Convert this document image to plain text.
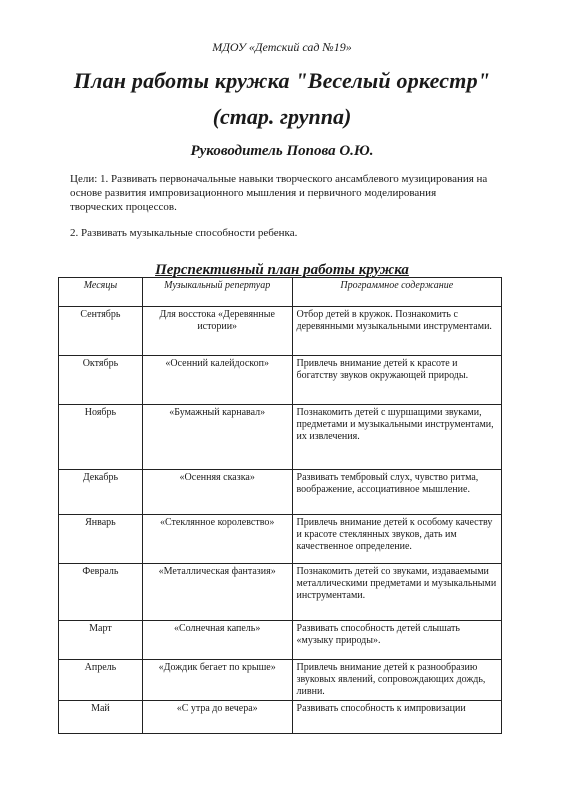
МДОУ «Детский сад №19»
План работы кружка "Веселый оркестр"
(стар. группа)
Руководитель Попова О.Ю.
Цели: 1. Развивать первоначальные навыки творческого ансамблевого музицирования на основе развития импровизационного мышления и первичного моделирования творческих процессов.
2. Развивать музыкальные способности ребенка.
Перспективный план работы кружка
Месяцы	Музыкальный репертуар	Программное содержание
Сентябрь	Для восстока «Деревянные истории»	Отбор детей в кружок. Познакомить с деревянными музыкальными инструментами.
Октябрь	«Осенний калейдоскоп»	Привлечь внимание детей к красоте и богатству звуков окружающей природы.
Ноябрь	«Бумажный карнавал»	Познакомить детей с шуршащими звуками, предметами и музыкальными инструментами, их извлечения.
Декабрь	«Осенняя сказка»	Развивать тембровый слух, чувство ритма, воображение, ассоциативное мышление.
Январь	«Стеклянное королевство»	Привлечь внимание детей к особому качеству и красоте стеклянных звуков, дать им качественное определение.
Февраль	«Металлическая фантазия»	Познакомить детей со звуками, издаваемыми металлическими предметами и музыкальными инструментами.
Март	«Солнечная капель»	Развивать способность детей слышать «музыку природы».
Апрель	«Дождик бегает по крыше»	Привлечь внимание детей к разнообразию звуковых явлений, сопровождающих дождь, ливни.
Май	«С утра до вечера»	Развивать способность к импровизации
